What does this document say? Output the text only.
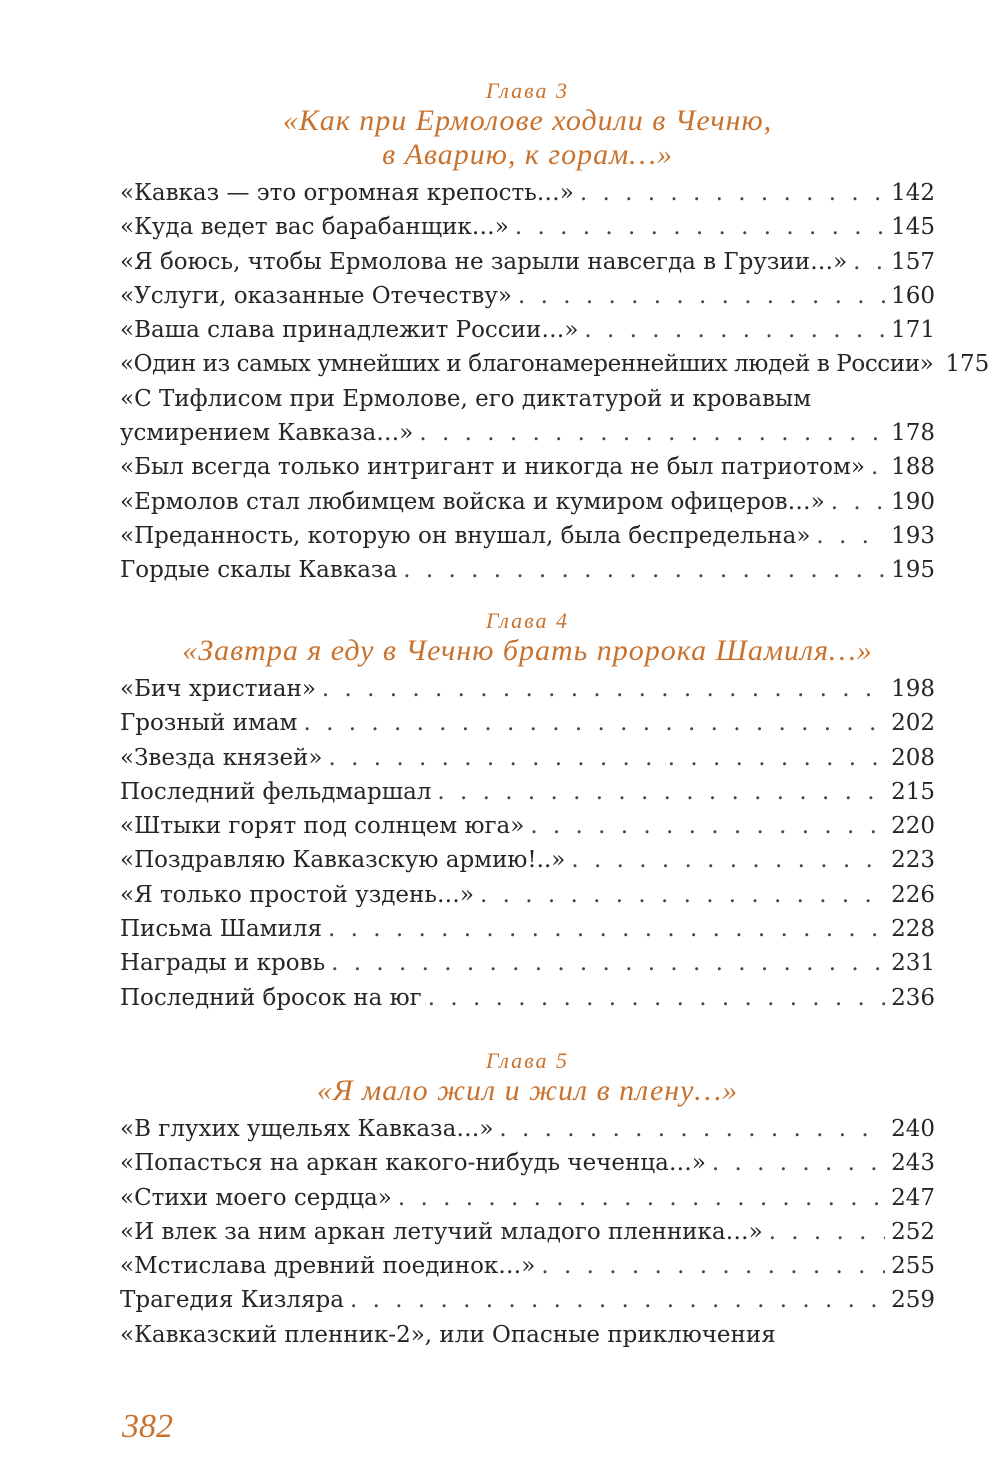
Глава 3
«Как при Ермолове ходили в Чечню,
в Аварию, к горам…»
«Кавказ — это огромная крепость…» . . .	142
«Куда ведет вас барабанщик…» . . .	145
«Я боюсь, чтобы Ермолова не зарыли навсегда в Грузии…» . . . 157
«Услуги, оказанные Отечеству» . . .	160
«Ваша слава принадлежит России…» . . .	171
«Один из самых умнейших и благонамереннейших людей в России» 175
«С Тифлисом при Ермолове, его диктатурой и кровавым
усмирением Кавказа…» . . .	178
«Был всегда только интригант и никогда не был патриотом» . . . 188
«Ермолов стал любимцем войска и кумиром офицеров…» . . .	190
«Преданность, которую он внушал, была беспредельна» . . .	193
Гордые скалы Кавказа . . .	195
Глава 4
«Завтра я еду в Чечню брать пророка Шамиля…»
«Бич христиан» . . .	198
Грозный имам . . .	202
«Звезда князей» . . .	208
Последний фельдмаршал . . .	215
«Штыки горят под солнцем юга» . . .	220
«Поздравляю Кавказскую армию!..» . . .	223
«Я только простой уздень…» . . .	226
Письма Шамиля . . .	228
Награды и кровь . . .	231
Последний бросок на юг . . .	236
Глава 5
«Я мало жил и жил в плену…»
«В глухих ущельях Кавказа…» . . .	240
«Попасться на аркан какого-нибудь чеченца…» . . .	243
«Стихи моего сердца» . . .	247
«И влек за ним аркан летучий младого пленника…» . . .	252
«Мстислава древний поединок…» . . .	255
Трагедия Кизляра . . .	259
«Кавказский пленник-2», или Опасные приключения
382
